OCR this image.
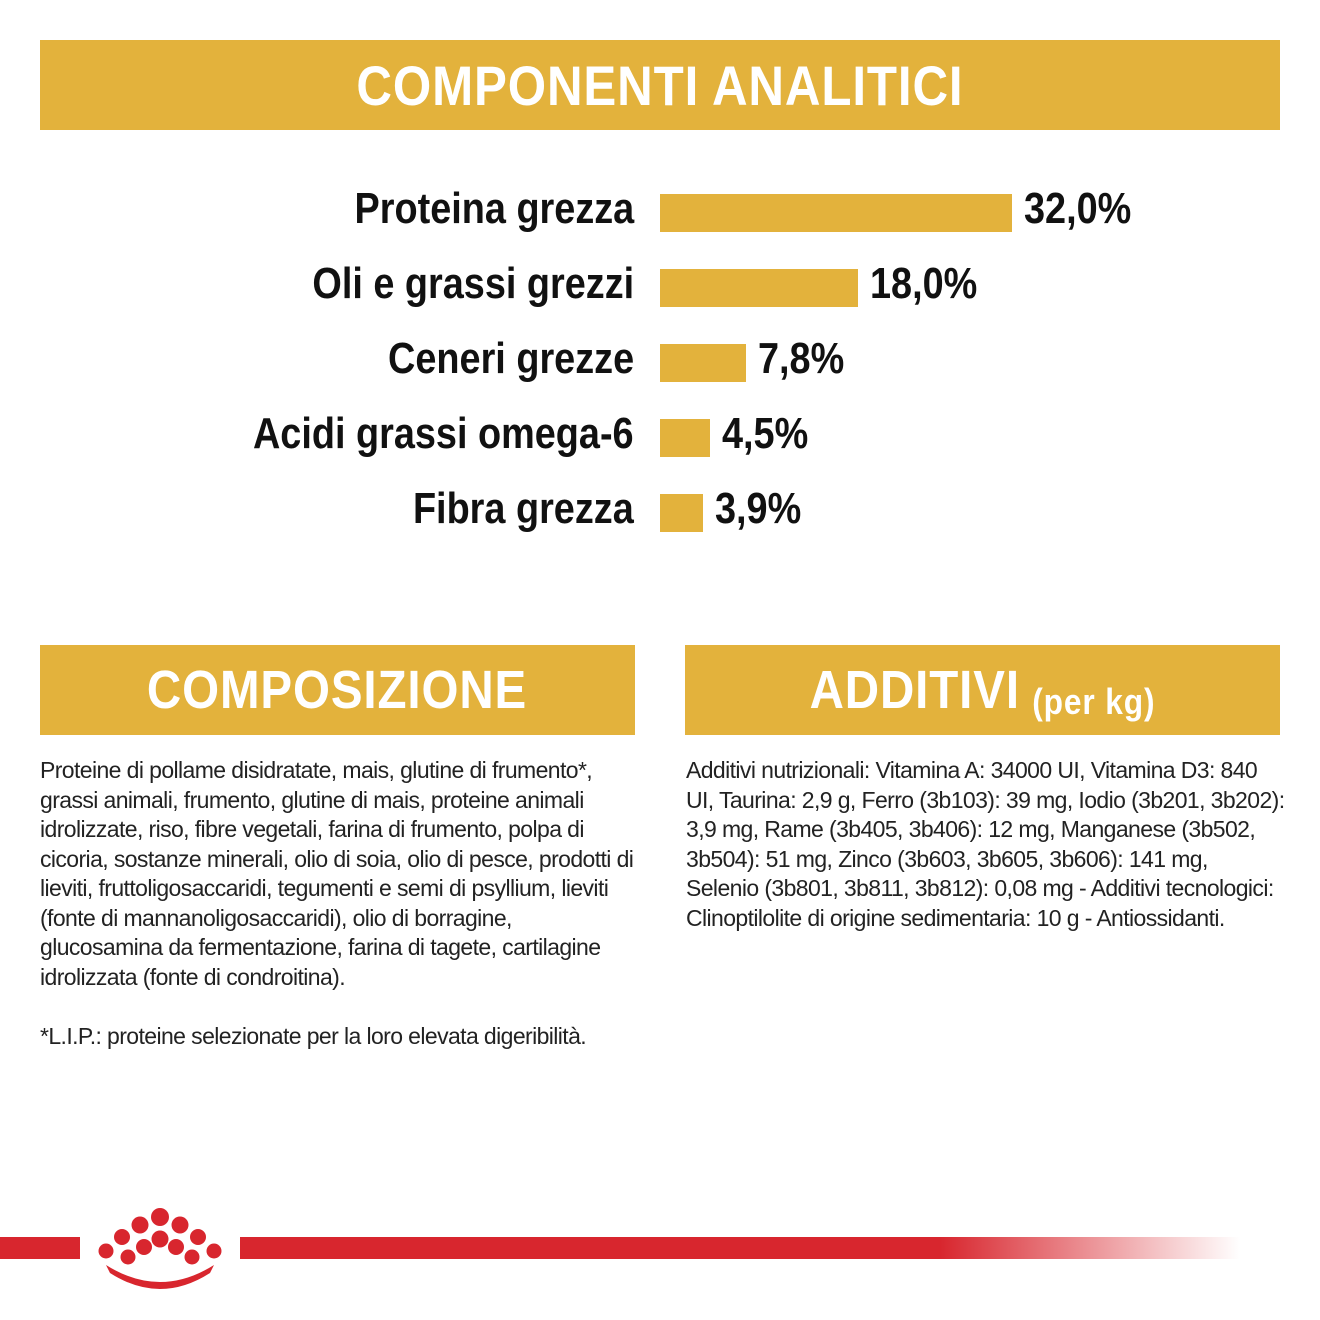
COMPONENTI ANALITICI
Proteina grezza	32,0%
Oli e grassi grezzi	18,0%
Ceneri grezze	7,8%
Acidi grassi omega-6 4,5%
Fibra grezza 3,9%
COMPOSIZIONE	ADDITIVI (per kg)
Proteine di pollame disidratate, mais, glutine di frumento*, grassi animali, frumento, glutine di mais, proteine animali idrolizzate, riso, fibre vegetali, farina di frumento, polpa di cicoria, sostanze minerali, olio di soia, olio di pesce, prodotti di lieviti, fruttoligosaccaridi, tegumenti e semi di psyllium, lieviti (fonte di mannanoligosaccaridi), olio di borragine, glucosamina da fermentazione, farina di tagete, cartilagine idrolizzata (fonte di condroitina).
*L.I.P.: proteine selezionate per la loro elevata digeribilità.
Additivi nutrizionali: Vitamina A: 34000 UI, Vitamina D3: 840 UI, Taurina: 2,9 g, Ferro (3b103): 39 mg, Iodio (3b201, 3b202): 3,9 mg, Rame (3b405, 3b406): 12 mg, Manganese (3b502, 3b504): 51 mg, Zinco (3b603, 3b605, 3b606): 141 mg, Selenio (3b801, 3b811, 3b812): 0,08 mg - Additivi tecnologici: Clinoptilolite di origine sedimentaria: 10 g - Antiossidanti.
